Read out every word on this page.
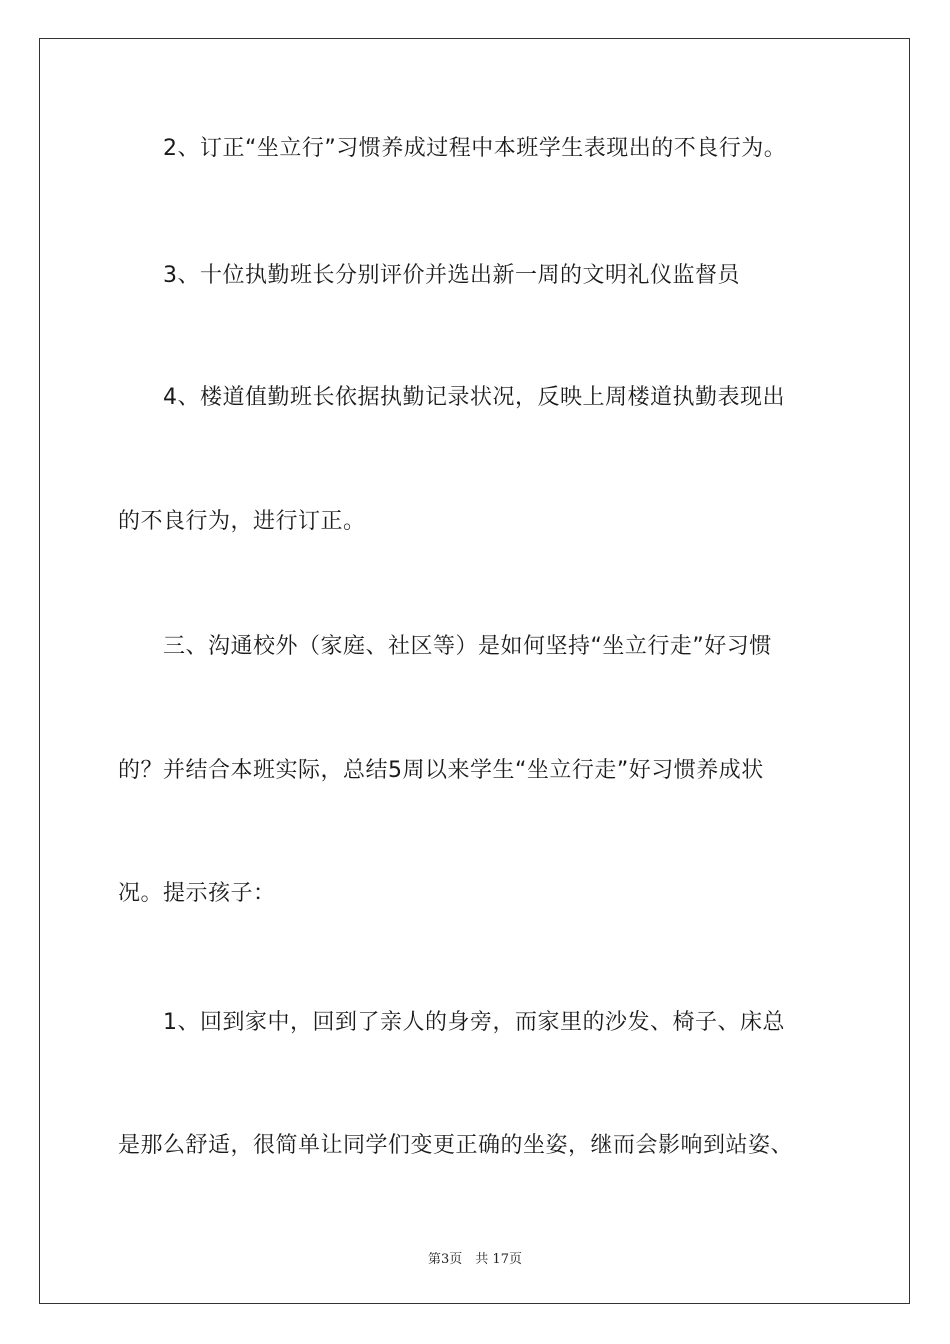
　　2、订正“坐立行”习惯养成过程中本班学生表现出的不良行为。

　　3、十位执勤班长分别评价并选出新一周的文明礼仪监督员

　　4、楼道值勤班长依据执勤记录状况，反映上周楼道执勤表现出

的不良行为，进行订正。

　　三、沟通校外（家庭、社区等）是如何坚持“坐立行走”好习惯

的？并结合本班实际，总结5周以来学生“坐立行走”好习惯养成状

况。提示孩子：

　　1、回到家中，回到了亲人的身旁，而家里的沙发、椅子、床总

是那么舒适，很简单让同学们变更正确的坐姿，继而会影响到站姿、

第3页　共 17页
